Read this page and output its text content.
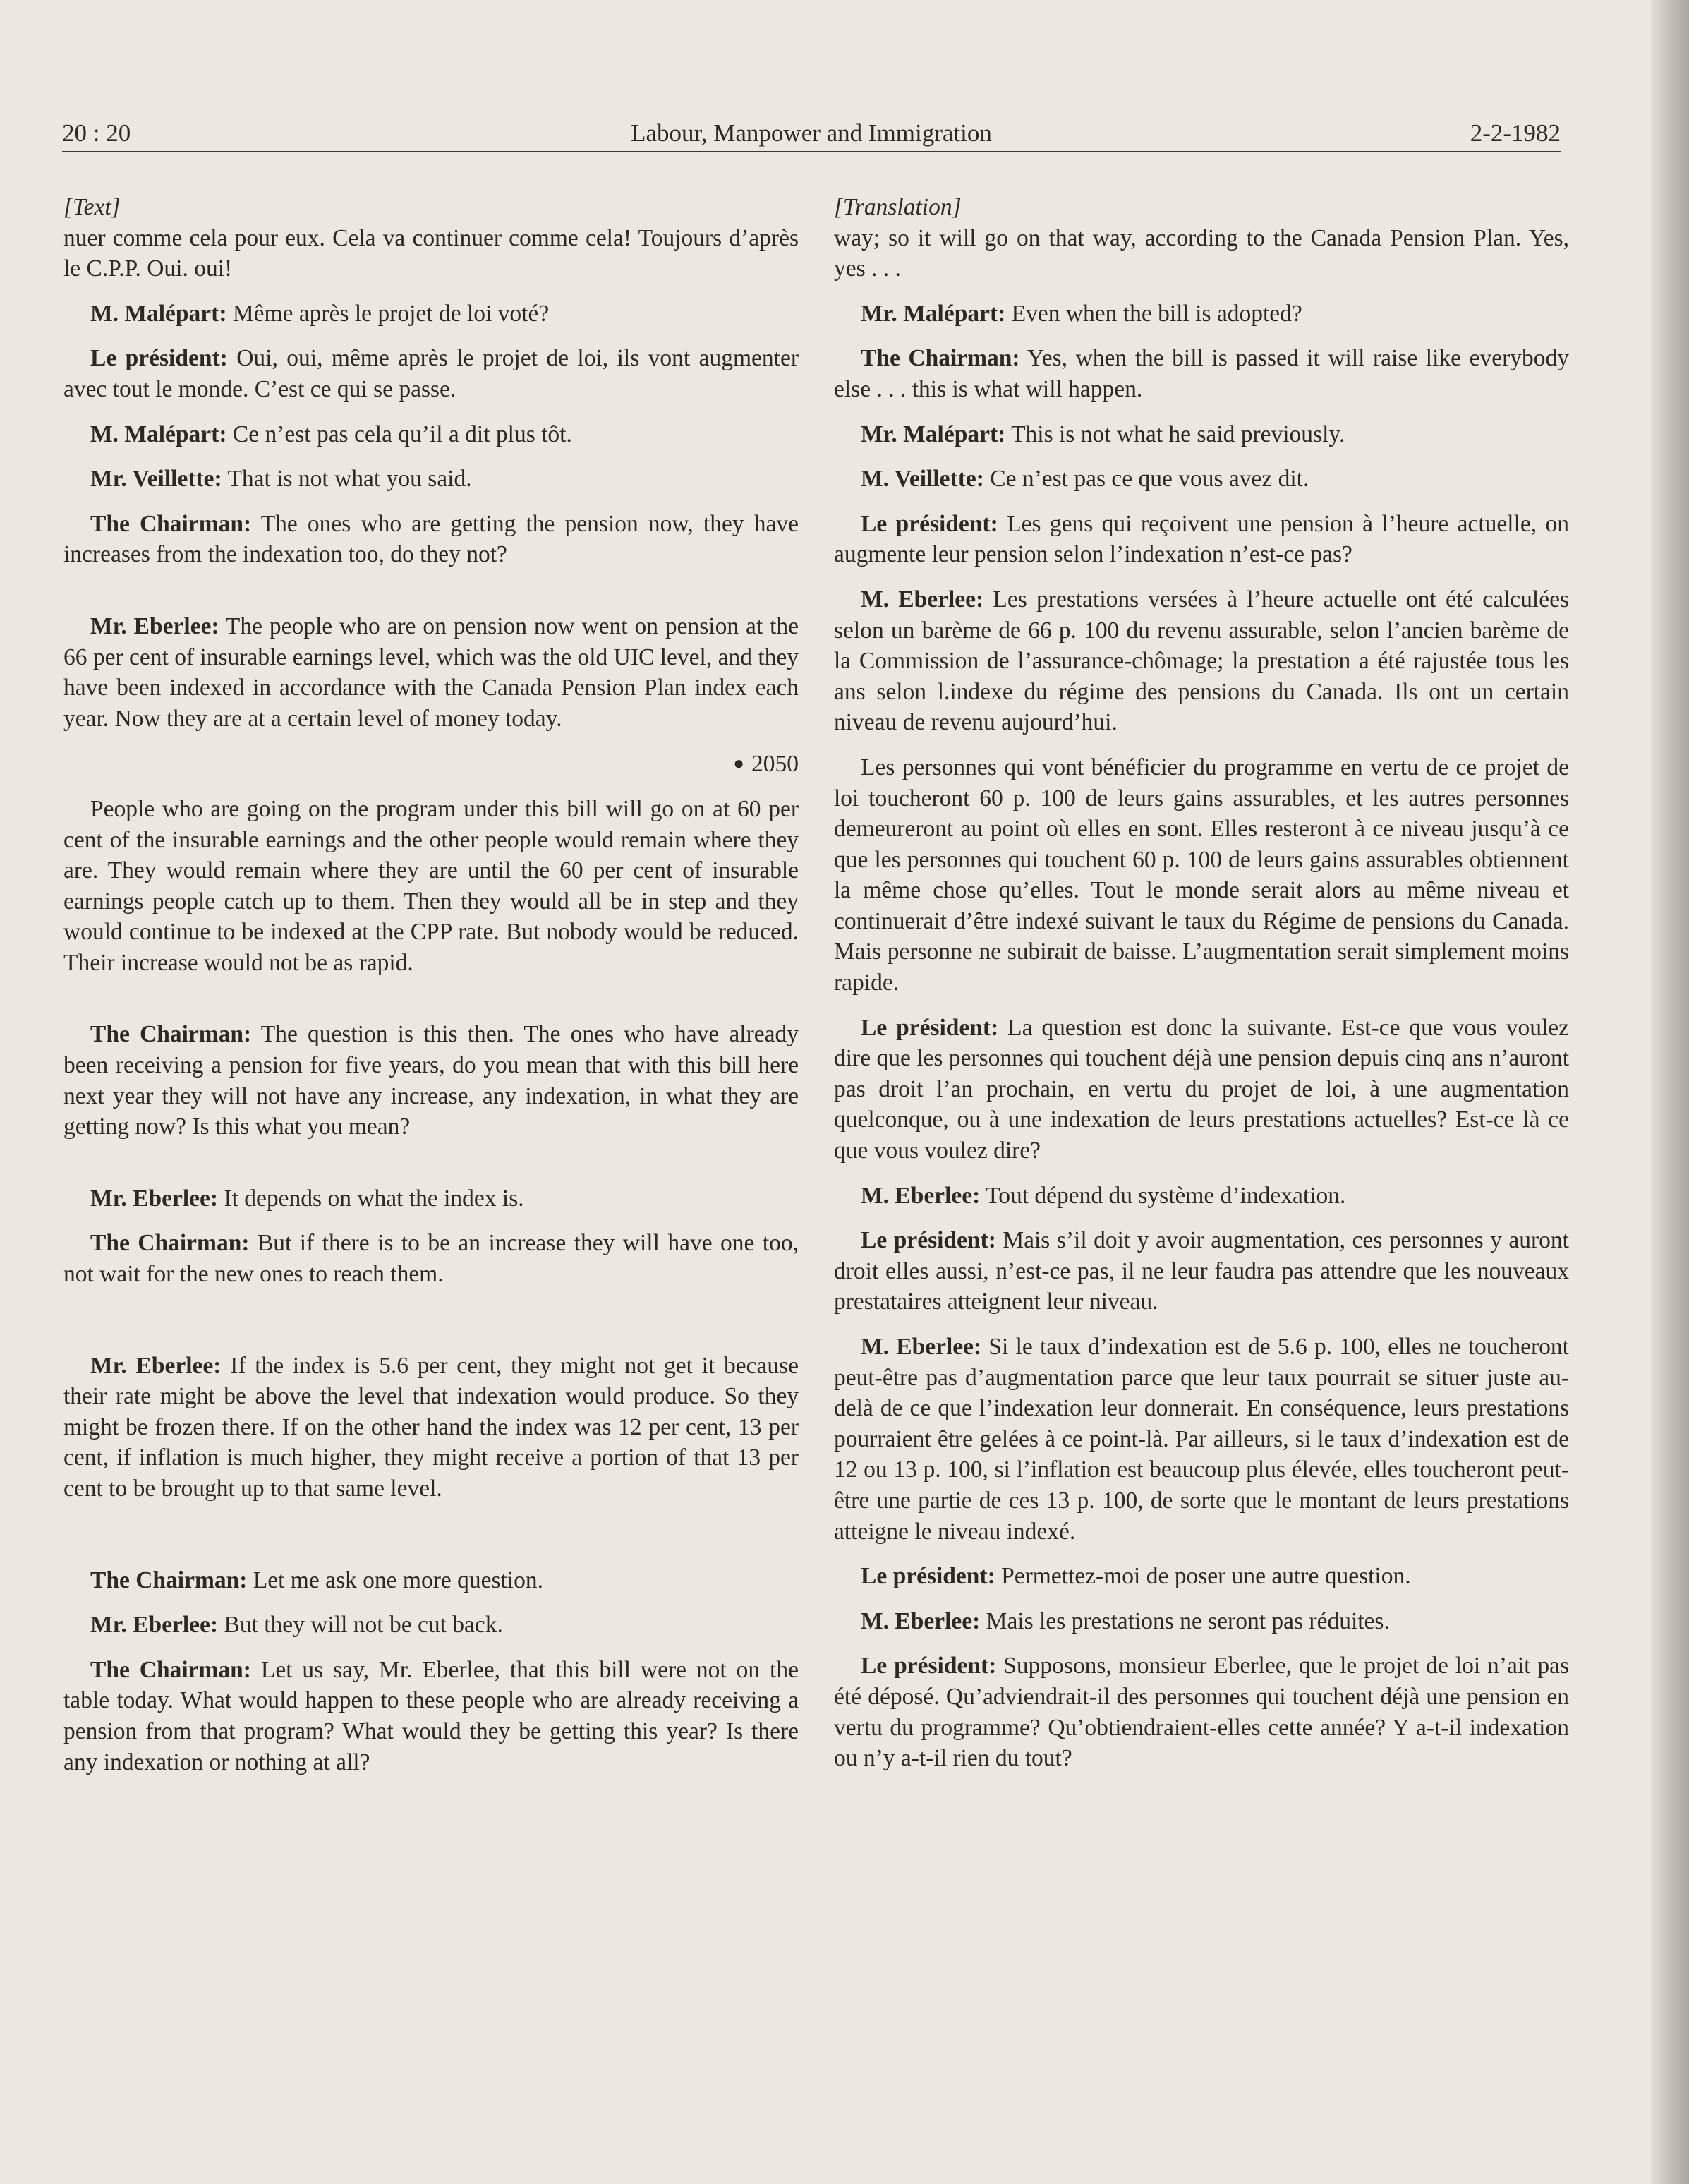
20 : 20	Labour, Manpower and Immigration	2-2-1982

[Text]

nuer comme cela pour eux. Cela va continuer comme cela! Toujours d’après le C.P.P. Oui. oui!

M. Malépart: Même après le projet de loi voté?

Le président: Oui, oui, même après le projet de loi, ils vont augmenter avec tout le monde. C’est ce qui se passe.

M. Malépart: Ce n’est pas cela qu’il a dit plus tôt.

Mr. Veillette: That is not what you said.

The Chairman: The ones who are getting the pension now, they have increases from the indexation too, do they not?

Mr. Eberlee: The people who are on pension now went on pension at the 66 per cent of insurable earnings level, which was the old UIC level, and they have been indexed in accordance with the Canada Pension Plan index each year. Now they are at a certain level of money today.

● 2050

People who are going on the program under this bill will go on at 60 per cent of the insurable earnings and the other people would remain where they are. They would remain where they are until the 60 per cent of insurable earnings people catch up to them. Then they would all be in step and they would continue to be indexed at the CPP rate. But nobody would be reduced. Their increase would not be as rapid.

The Chairman: The question is this then. The ones who have already been receiving a pension for five years, do you mean that with this bill here next year they will not have any increase, any indexation, in what they are getting now? Is this what you mean?

Mr. Eberlee: It depends on what the index is.

The Chairman: But if there is to be an increase they will have one too, not wait for the new ones to reach them.

Mr. Eberlee: If the index is 5.6 per cent, they might not get it because their rate might be above the level that indexation would produce. So they might be frozen there. If on the other hand the index was 12 per cent, 13 per cent, if inflation is much higher, they might receive a portion of that 13 per cent to be brought up to that same level.

The Chairman: Let me ask one more question.

Mr. Eberlee: But they will not be cut back.

The Chairman: Let us say, Mr. Eberlee, that this bill were not on the table today. What would happen to these people who are already receiving a pension from that program? What would they be getting this year? Is there any indexation or nothing at all?

[Translation]

way; so it will go on that way, according to the Canada Pension Plan. Yes, yes . . .

Mr. Malépart: Even when the bill is adopted?

The Chairman: Yes, when the bill is passed it will raise like everybody else . . . this is what will happen.

Mr. Malépart: This is not what he said previously.

M. Veillette: Ce n’est pas ce que vous avez dit.

Le président: Les gens qui reçoivent une pension à l’heure actuelle, on augmente leur pension selon l’indexation n’est-ce pas?

M. Eberlee: Les prestations versées à l’heure actuelle ont été calculées selon un barème de 66 p. 100 du revenu assurable, selon l’ancien barème de la Commission de l’assurance-chômage; la prestation a été rajustée tous les ans selon l.indexe du régime des pensions du Canada. Ils ont un certain niveau de revenu aujourd’hui.

Les personnes qui vont bénéficier du programme en vertu de ce projet de loi toucheront 60 p. 100 de leurs gains assurables, et les autres personnes demeureront au point où elles en sont. Elles resteront à ce niveau jusqu’à ce que les personnes qui touchent 60 p. 100 de leurs gains assurables obtiennent la même chose qu’elles. Tout le monde serait alors au même niveau et continuerait d’être indexé suivant le taux du Régime de pensions du Canada. Mais personne ne subirait de baisse. L’augmentation serait simplement moins rapide.

Le président: La question est donc la suivante. Est-ce que vous voulez dire que les personnes qui touchent déjà une pension depuis cinq ans n’auront pas droit l’an prochain, en vertu du projet de loi, à une augmentation quelconque, ou à une indexation de leurs prestations actuelles? Est-ce là ce que vous voulez dire?

M. Eberlee: Tout dépend du système d’indexation.

Le président: Mais s’il doit y avoir augmentation, ces personnes y auront droit elles aussi, n’est-ce pas, il ne leur faudra pas attendre que les nouveaux prestataires atteignent leur niveau.

M. Eberlee: Si le taux d’indexation est de 5.6 p. 100, elles ne toucheront peut-être pas d’augmentation parce que leur taux pourrait se situer juste au-delà de ce que l’indexation leur donnerait. En conséquence, leurs prestations pourraient être gelées à ce point-là. Par ailleurs, si le taux d’indexation est de 12 ou 13 p. 100, si l’inflation est beaucoup plus élevée, elles toucheront peut-être une partie de ces 13 p. 100, de sorte que le montant de leurs prestations atteigne le niveau indexé.

Le président: Permettez-moi de poser une autre question.

M. Eberlee: Mais les prestations ne seront pas réduites.

Le président: Supposons, monsieur Eberlee, que le projet de loi n’ait pas été déposé. Qu’adviendrait-il des personnes qui touchent déjà une pension en vertu du programme? Qu’obtiendraient-elles cette année? Y a-t-il indexation ou n’y a-t-il rien du tout?
